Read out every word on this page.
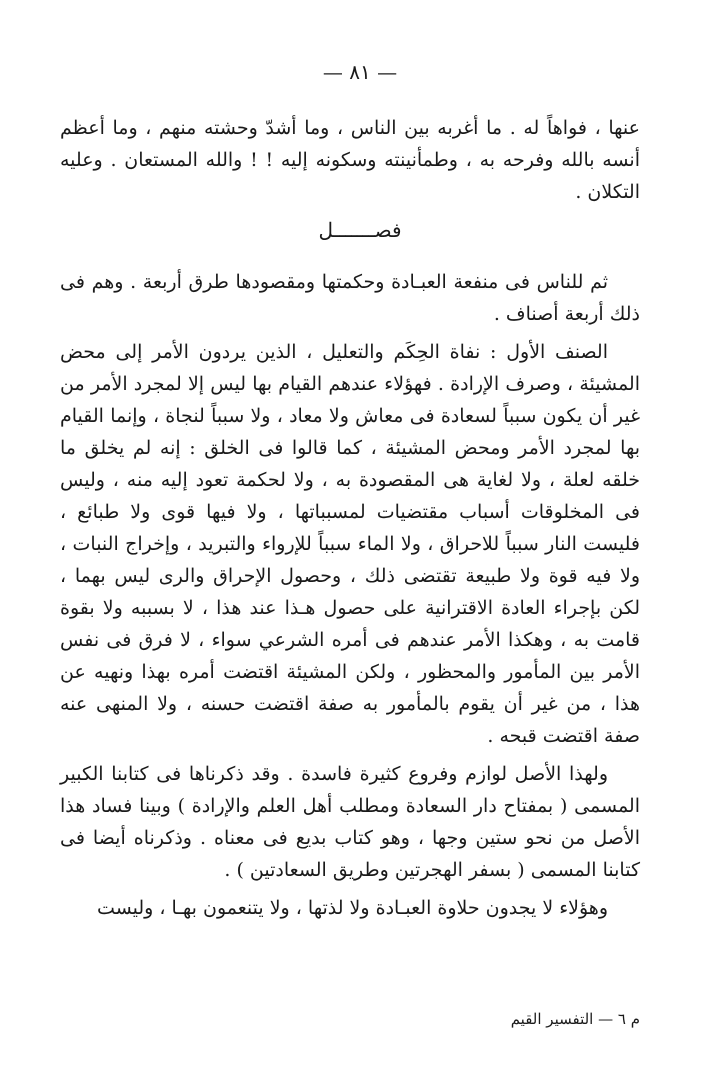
— ٨١ —

عنها ، فواهاً له . ما أغربه بين الناس ، وما أشدّ وحشته منهم ، وما أعظم أنسه بالله وفرحه به ، وطمأنينته وسكونه إليه ! ! والله المستعان . وعليه التكلان .

فصـــــــل

ثم للناس فى منفعة العبـادة وحكمتها ومقصودها طرق أربعة . وهم فى ذلك أربعة أصناف .

الصنف الأول : نفاة الحِكَم والتعليل ، الذين يردون الأمر إلى محض المشيئة ، وصرف الإرادة . فهؤلاء عندهم القيام بها ليس إلا لمجرد الأمر من غير أن يكون سبباً لسعادة فى معاش ولا معاد ، ولا سبباً لنجاة ، وإنما القيام بها لمجرد الأمر ومحض المشيئة ، كما قالوا فى الخلق : إنه لم يخلق ما خلقه لعلة ، ولا لغاية هى المقصودة به ، ولا لحكمة تعود إليه منه ، وليس فى المخلوقات أسباب مقتضيات لمسبباتها ، ولا فيها قوى ولا طبائع ، فليست النار سبباً للاحراق ، ولا الماء سبباً للإرواء والتبريد ، وإخراج النبات ، ولا فيه قوة ولا طبيعة تقتضى ذلك ، وحصول الإحراق والرى ليس بهما ، لكن بإجراء العادة الاقترانية على حصول هـذا عند هذا ، لا بسببه ولا بقوة قامت به ، وهكذا الأمر عندهم فى أمره الشرعي سواء ، لا فرق فى نفس الأمر بين المأمور والمحظور ، ولكن المشيئة اقتضت أمره بهذا ونهيه عن هذا ، من غير أن يقوم بالمأمور به صفة اقتضت حسنه ، ولا المنهى عنه صفة اقتضت قبحه .

ولهذا الأصل لوازم وفروع كثيرة فاسدة . وقد ذكرناها فى كتابنا الكبير المسمى ( بمفتاح دار السعادة ومطلب أهل العلم والإرادة ) وبينا فساد هذا الأصل من نحو ستين وجها ، وهو كتاب بديع فى معناه . وذكرناه أيضا فى كتابنا المسمى ( بسفر الهجرتين وطريق السعادتين ) .

وهؤلاء لا يجدون حلاوة العبـادة ولا لذتها ، ولا يتنعمون بهـا ، وليست

م ٦ — التفسير القيم
